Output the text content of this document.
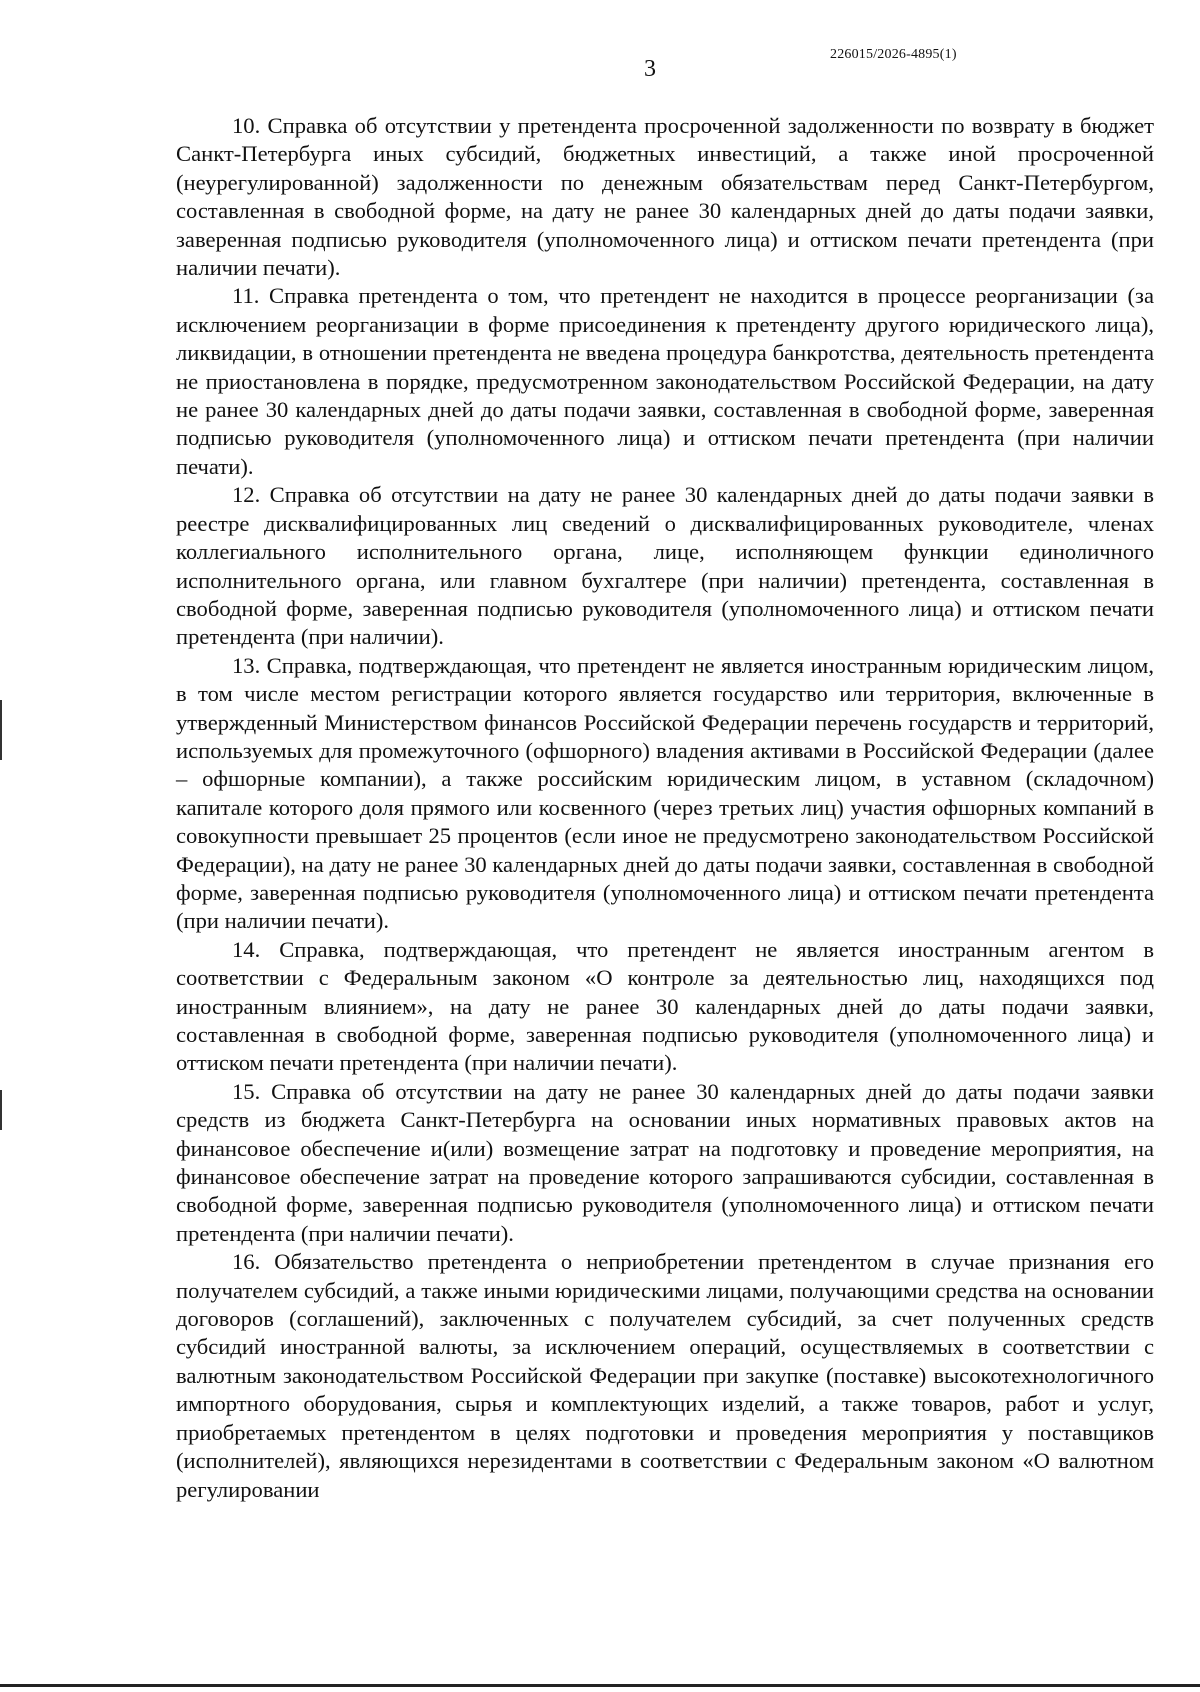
3
226015/2026-4895(1)

10. Справка об отсутствии у претендента просроченной задолженности по возврату в бюджет Санкт-Петербурга иных субсидий, бюджетных инвестиций, а также иной просроченной (неурегулированной) задолженности по денежным обязательствам перед Санкт-Петербургом, составленная в свободной форме, на дату не ранее 30 календарных дней до даты подачи заявки, заверенная подписью руководителя (уполномоченного лица) и оттиском печати претендента (при наличии печати).

11. Справка претендента о том, что претендент не находится в процессе реорганизации (за исключением реорганизации в форме присоединения к претенденту другого юридического лица), ликвидации, в отношении претендента не введена процедура банкротства, деятельность претендента не приостановлена в порядке, предусмотренном законодательством Российской Федерации, на дату не ранее 30 календарных дней до даты подачи заявки, составленная в свободной форме, заверенная подписью руководителя (уполномоченного лица) и оттиском печати претендента (при наличии печати).

12. Справка об отсутствии на дату не ранее 30 календарных дней до даты подачи заявки в реестре дисквалифицированных лиц сведений о дисквалифицированных руководителе, членах коллегиального исполнительного органа, лице, исполняющем функции единоличного исполнительного органа, или главном бухгалтере (при наличии) претендента, составленная в свободной форме, заверенная подписью руководителя (уполномоченного лица) и оттиском печати претендента (при наличии).

13. Справка, подтверждающая, что претендент не является иностранным юридическим лицом, в том числе местом регистрации которого является государство или территория, включенные в утвержденный Министерством финансов Российской Федерации перечень государств и территорий, используемых для промежуточного (офшорного) владения активами в Российской Федерации (далее – офшорные компании), а также российским юридическим лицом, в уставном (складочном) капитале которого доля прямого или косвенного (через третьих лиц) участия офшорных компаний в совокупности превышает 25 процентов (если иное не предусмотрено законодательством Российской Федерации), на дату не ранее 30 календарных дней до даты подачи заявки, составленная в свободной форме, заверенная подписью руководителя (уполномоченного лица) и оттиском печати претендента (при наличии печати).

14. Справка, подтверждающая, что претендент не является иностранным агентом в соответствии с Федеральным законом «О контроле за деятельностью лиц, находящихся под иностранным влиянием», на дату не ранее 30 календарных дней до даты подачи заявки, составленная в свободной форме, заверенная подписью руководителя (уполномоченного лица) и оттиском печати претендента (при наличии печати).

15. Справка об отсутствии на дату не ранее 30 календарных дней до даты подачи заявки средств из бюджета Санкт-Петербурга на основании иных нормативных правовых актов на финансовое обеспечение и(или) возмещение затрат на подготовку и проведение мероприятия, на финансовое обеспечение затрат на проведение которого запрашиваются субсидии, составленная в свободной форме, заверенная подписью руководителя (уполномоченного лица) и оттиском печати претендента (при наличии печати).

16. Обязательство претендента о неприобретении претендентом в случае признания его получателем субсидий, а также иными юридическими лицами, получающими средства на основании договоров (соглашений), заключенных с получателем субсидий, за счет полученных средств субсидий иностранной валюты, за исключением операций, осуществляемых в соответствии с валютным законодательством Российской Федерации при закупке (поставке) высокотехнологичного импортного оборудования, сырья и комплектующих изделий, а также товаров, работ и услуг, приобретаемых претендентом в целях подготовки и проведения мероприятия у поставщиков (исполнителей), являющихся нерезидентами в соответствии с Федеральным законом «О валютном регулировании
